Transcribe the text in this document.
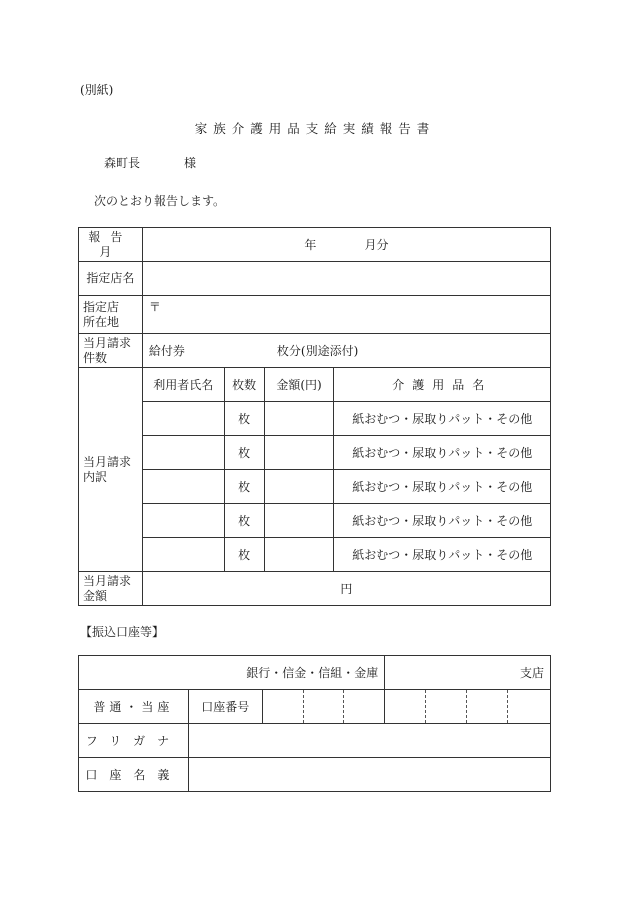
(別紙)
家族介護用品支給実績報告書
森町長	様
次のとおり報告します。
報告月	年 月分			
指定店名				

指定店
所在地	〒			

当月請求
件数	給付券 枚分(別途添付)			

当月請求
内訳	利用者氏名	枚数	金額(円)	介護用品名
		枚		紙おむつ・尿取りパット・その他
		枚		紙おむつ・尿取りパット・その他
		枚		紙おむつ・尿取りパット・その他
		枚		紙おむつ・尿取りパット・その他
		枚		紙おむつ・尿取りパット・その他

当月請求
金額	円			
【振込口座等】
銀行・信金・信組・金庫					支店			
普通・当座	口座番号							
フリガナ								
口座名義								
